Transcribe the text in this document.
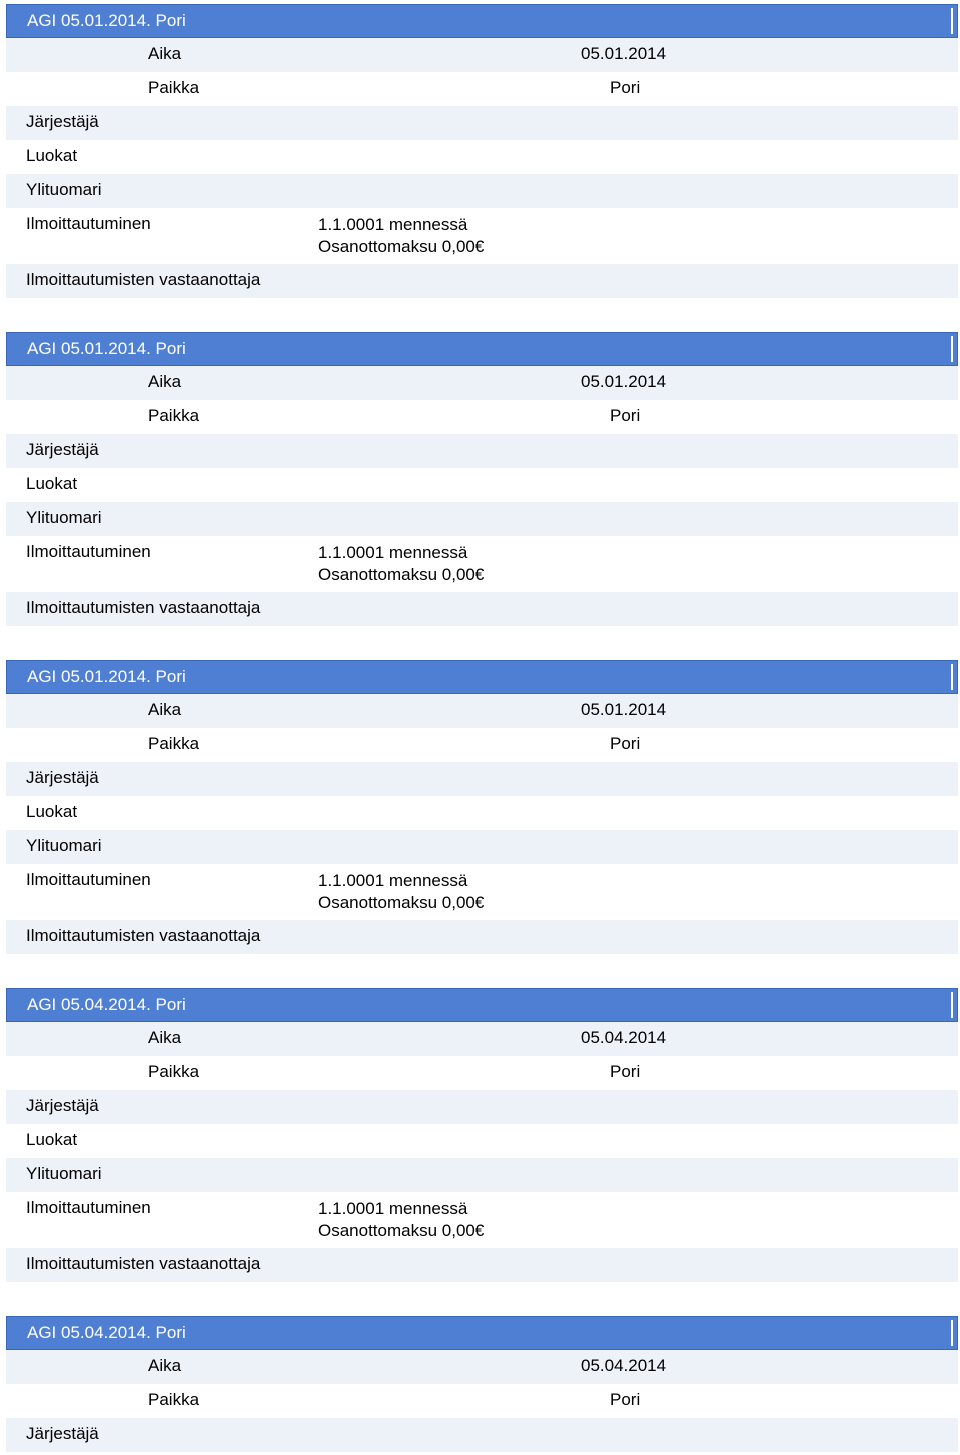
AGI 05.01.2014. Pori
Aika	05.01.2014
Paikka	Pori
Järjestäjä
Luokat
Ylituomari
Ilmoittautuminen	1.1.0001 mennessä
Osanottomaksu 0,00€
Ilmoittautumisten vastaanottaja
AGI 05.01.2014. Pori
Aika	05.01.2014
Paikka	Pori
Järjestäjä
Luokat
Ylituomari
Ilmoittautuminen	1.1.0001 mennessä
Osanottomaksu 0,00€
Ilmoittautumisten vastaanottaja
AGI 05.01.2014. Pori
Aika	05.01.2014
Paikka	Pori
Järjestäjä
Luokat
Ylituomari
Ilmoittautuminen	1.1.0001 mennessä
Osanottomaksu 0,00€
Ilmoittautumisten vastaanottaja
AGI 05.04.2014. Pori
Aika	05.04.2014
Paikka	Pori
Järjestäjä
Luokat
Ylituomari
Ilmoittautuminen	1.1.0001 mennessä
Osanottomaksu 0,00€
Ilmoittautumisten vastaanottaja
AGI 05.04.2014. Pori
Aika	05.04.2014
Paikka	Pori
Järjestäjä
